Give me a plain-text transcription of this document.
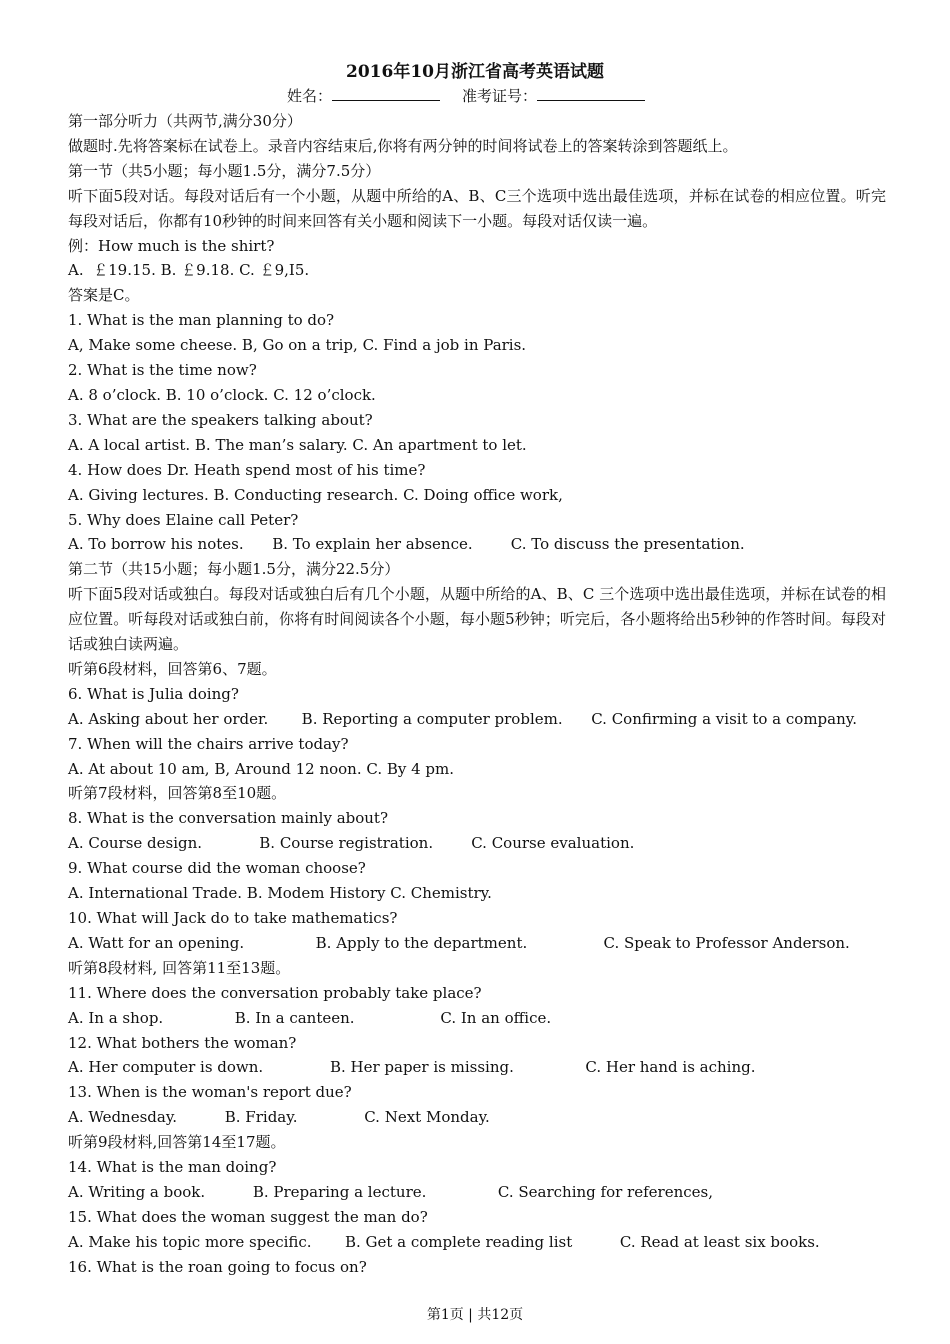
2016年10月浙江省高考英语试题
姓名：	准考证号：

第一部分听力（共两节,满分30分）

做题时.先将答案标在试卷上。录音内容结束后,你将有两分钟的时间将试卷上的答案转涂到答题纸上。

第一节（共5小题；每小题1.5分，满分7.5分）

听下面5段对话。每段对话后有一个小题，从题中所给的A、B、C三个选项中选出最佳选项，并标在试卷的相应位置。听完每段对话后，你都有10秒钟的时间来回答有关小题和阅读下一小题。每段对话仅读一遍。

例：How much is the shirt?

A.  ￡19.15. B. ￡9.18. C. ￡9,I5.

答案是C。

1. What is the man planning to do?

A, Make some cheese. B, Go on a trip, C. Find a job in Paris.

2. What is the time now?

A. 8 o’clock. B. 10 o’clock. C. 12 o’clock.

3. What are the speakers talking about?

A. A local artist. B. The man’s salary. C. An apartment to let.

4. How does Dr. Heath spend most of his time?

A. Giving lectures. B. Conducting research. C. Doing office work,

5. Why does Elaine call Peter?

A. To borrow his notes.      B. To explain her absence.        C. To discuss the presentation.

第二节（共15小题；每小题1.5分，满分22.5分）

听下面5段对话或独白。每段对话或独白后有几个小题，从题中所给的A、B、C 三个选项中选出最佳选项，并标在试卷的相应位置。听每段对话或独白前，你将有时间阅读各个小题，每小题5秒钟；听完后，各小题将给出5秒钟的作答时间。每段对话或独白读两遍。

听第6段材料，回答第6、7题。

6. What is Julia doing?

A. Asking about her order.       B. Reporting a computer problem.      C. Confirming a visit to a company.

7. When will the chairs arrive today?

A. At about 10 am, B, Around 12 noon. C. By 4 pm.

听第7段材料，回答第8至10题。

8. What is the conversation mainly about?

A. Course design.            B. Course registration.        C. Course evaluation.

9. What course did the woman choose?

A. International Trade. B. Modem History C. Chemistry.

10. What will Jack do to take mathematics?

A. Watt for an opening.               B. Apply to the department.                C. Speak to Professor Anderson.

听第8段材料, 回答第11至13题。

11. Where does the conversation probably take place?

A. In a shop.               B. In a canteen.                  C. In an office.

12. What bothers the woman?

A. Her computer is down.              B. Her paper is missing.               C. Her hand is aching.

13. When is the woman's report due?

A. Wednesday.          B. Friday.              C. Next Monday.

听第9段材料,回答第14至17题。

14. What is the man doing?

A. Writing a book.          B. Preparing a lecture.               C. Searching for references,

15. What does the woman suggest the man do?

A. Make his topic more specific.       B. Get a complete reading list          C. Read at least six books.

16. What is the roan going to focus on?

第1页 | 共12页
